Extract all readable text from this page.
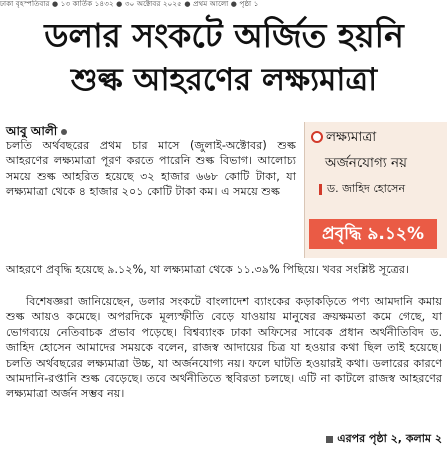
ঢাকা বৃহস্পতিবার ● ১৩ কার্তিক ১৪৩২ ● ৩০ অক্টোবর ২০২৫ ● প্রথম আলো ● পৃষ্ঠা ১
ডলার সংকটে অর্জিত হয়নি
শুল্ক আহরণের লক্ষ্যমাত্রা
আবু আলী
চলতি অর্থবছরের প্রথম চার মাসে (জুলাই-অক্টোবর) শুল্ক আহরণের লক্ষ্যমাত্রা পূরণ করতে পারেনি শুল্ক বিভাগ। আলোচ্য সময়ে শুল্ক আহরিত হয়েছে ৩২ হাজার ৬৬৮ কোটি টাকা, যা লক্ষ্যমাত্রা থেকে ৪ হাজার ২০১ কোটি টাকা কম। এ সময়ে শুল্ক
লক্ষ্যমাত্রা
অর্জনযোগ্য নয়
ড. জাহিদ হোসেন
প্রবৃদ্ধি ৯.১২%
আহরণে প্রবৃদ্ধি হয়েছে ৯.১২%, যা লক্ষ্যমাত্রা থেকে ১১.৩৯% পিছিয়ে। খবর সংশ্লিষ্ট সূত্রের।
বিশেষজ্ঞরা জানিয়েছেন, ডলার সংকটে বাংলাদেশ ব্যাংকের কড়াকড়িতে পণ্য আমদানি কমায় শুল্ক আয়ও কমেছে। অপরদিকে মূল্যস্ফীতি বেড়ে যাওয়ায় মানুষের ক্রয়ক্ষমতা কমে গেছে, যা ভোগব্যয়ে নেতিবাচক প্রভাব পড়েছে। বিশ্বব্যাংক ঢাকা অফিসের সাবেক প্রধান অর্থনীতিবিদ ড. জাহিদ হোসেন আমাদের সময়কে বলেন, রাজস্ব আদায়ের চিত্র যা হওয়ার কথা ছিল তাই হয়েছে। চলতি অর্থবছরের লক্ষ্যমাত্রা উচ্চ, যা অর্জনযোগ্য নয়। ফলে ঘাটতি হওয়ারই কথা। ডলারের কারণে আমদানি-রপ্তানি শুল্ক বেড়েছে। তবে অর্থনীতিতে স্থবিরতা চলছে। এটি না কাটলে রাজস্ব আহরণের লক্ষ্যমাত্রা অর্জন সম্ভব নয়।
এরপর পৃষ্ঠা ২, কলাম ২
